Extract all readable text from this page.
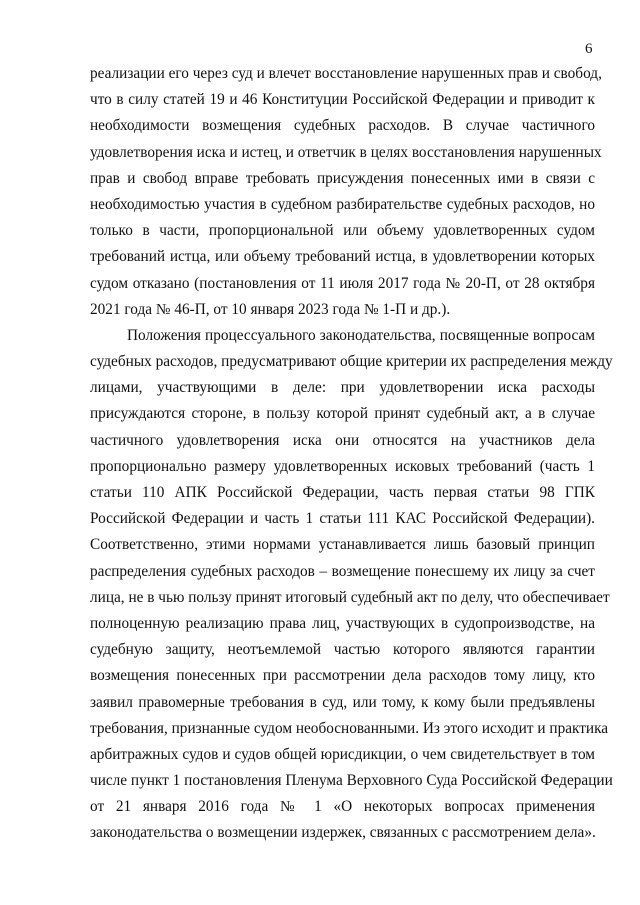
6
реализации его через суд и влечет восстановление нарушенных прав и свобод,
что в силу статей 19 и 46 Конституции Российской Федерации и приводит к
необходимости возмещения судебных расходов. В случае частичного
удовлетворения иска и истец, и ответчик в целях восстановления нарушенных
прав и свобод вправе требовать присуждения понесенных ими в связи с
необходимостью участия в судебном разбирательстве судебных расходов, но
только в части, пропорциональной или объему удовлетворенных судом
требований истца, или объему требований истца, в удовлетворении которых
судом отказано (постановления от 11 июля 2017 года № 20-П, от 28 октября
2021 года № 46-П, от 10 января 2023 года № 1-П и др.).
Положения процессуального законодательства, посвященные вопросам
судебных расходов, предусматривают общие критерии их распределения между
лицами, участвующими в деле: при удовлетворении иска расходы
присуждаются стороне, в пользу которой принят судебный акт, а в случае
частичного удовлетворения иска они относятся на участников дела
пропорционально размеру удовлетворенных исковых требований (часть 1
статьи 110 АПК Российской Федерации, часть первая статьи 98 ГПК
Российской Федерации и часть 1 статьи 111 КАС Российской Федерации).
Соответственно, этими нормами устанавливается лишь базовый принцип
распределения судебных расходов – возмещение понесшему их лицу за счет
лица, не в чью пользу принят итоговый судебный акт по делу, что обеспечивает
полноценную реализацию права лиц, участвующих в судопроизводстве, на
судебную защиту, неотъемлемой частью которого являются гарантии
возмещения понесенных при рассмотрении дела расходов тому лицу, кто
заявил правомерные требования в суд, или тому, к кому были предъявлены
требования, признанные судом необоснованными. Из этого исходит и практика
арбитражных судов и судов общей юрисдикции, о чем свидетельствует в том
числе пункт 1 постановления Пленума Верховного Суда Российской Федерации
от 21 января 2016 года № 1 «О некоторых вопросах применения
законодательства о возмещении издержек, связанных с рассмотрением дела».
